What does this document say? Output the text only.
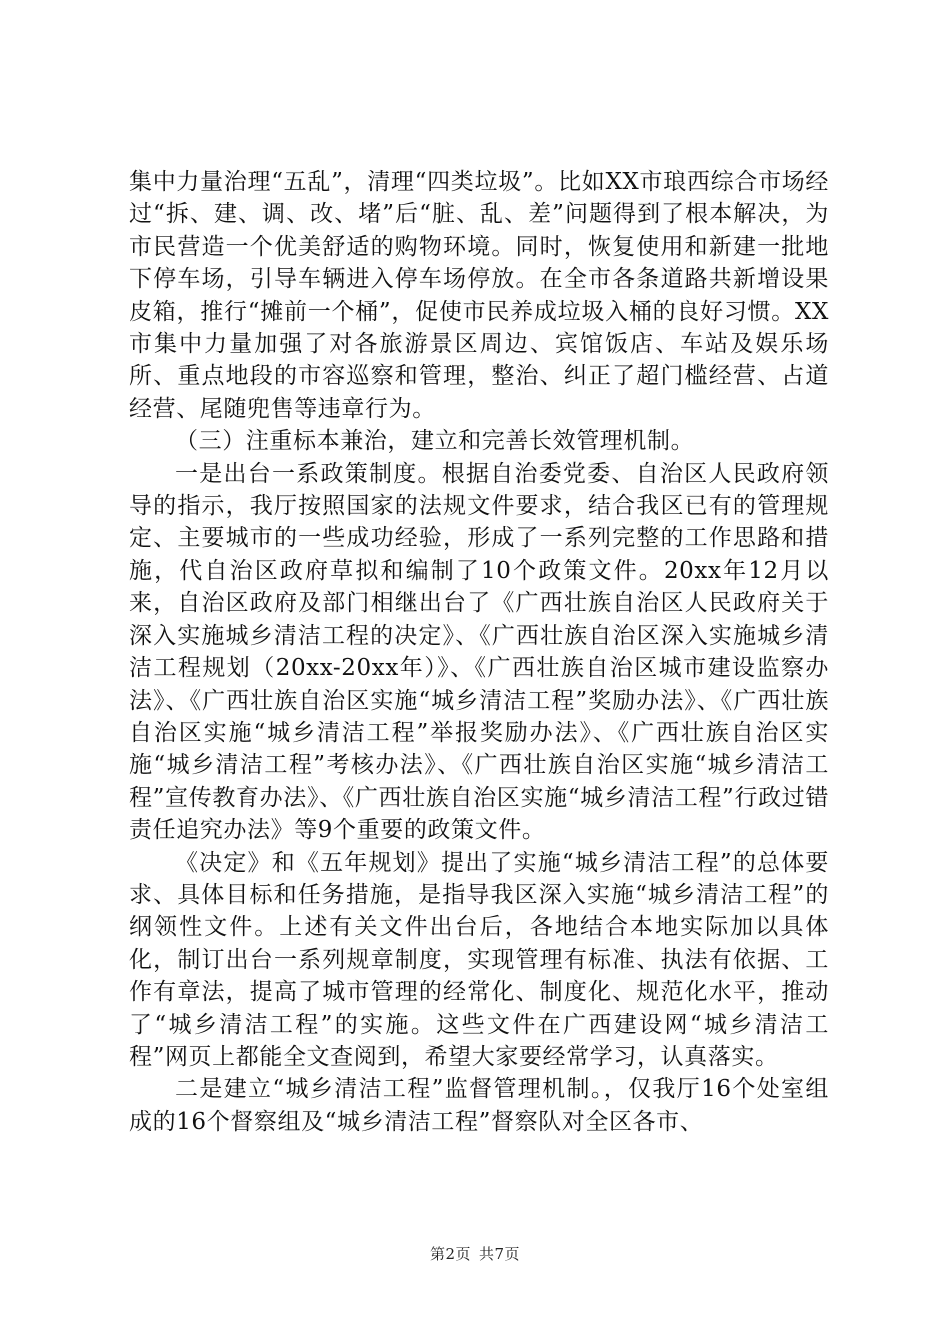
集中力量治理“五乱”，清理“四类垃圾”。比如XX市琅西综合市场经过“拆、建、调、改、堵”后“脏、乱、差”问题得到了根本解决，为市民营造一个优美舒适的购物环境。同时，恢复使用和新建一批地下停车场，引导车辆进入停车场停放。在全市各条道路共新增设果皮箱，推行“摊前一个桶”，促使市民养成垃圾入桶的良好习惯。XX市集中力量加强了对各旅游景区周边、宾馆饭店、车站及娱乐场所、重点地段的市容巡察和管理，整治、纠正了超门槛经营、占道经营、尾随兜售等违章行为。

（三）注重标本兼治，建立和完善长效管理机制。

一是出台一系政策制度。根据自治委党委、自治区人民政府领导的指示，我厅按照国家的法规文件要求，结合我区已有的管理规定、主要城市的一些成功经验，形成了一系列完整的工作思路和措施，代自治区政府草拟和编制了10个政策文件。20xx年12月以来，自治区政府及部门相继出台了《广西壮族自治区人民政府关于深入实施城乡清洁工程的决定》、《广西壮族自治区深入实施城乡清洁工程规划（20xx-20xx年）》、《广西壮族自治区城市建设监察办法》、《广西壮族自治区实施“城乡清洁工程”奖励办法》、《广西壮族自治区实施“城乡清洁工程”举报奖励办法》、《广西壮族自治区实施“城乡清洁工程”考核办法》、《广西壮族自治区实施“城乡清洁工程”宣传教育办法》、《广西壮族自治区实施“城乡清洁工程”行政过错责任追究办法》等9个重要的政策文件。

《决定》和《五年规划》提出了实施“城乡清洁工程”的总体要求、具体目标和任务措施，是指导我区深入实施“城乡清洁工程”的纲领性文件。上述有关文件出台后，各地结合本地实际加以具体化，制订出台一系列规章制度，实现管理有标准、执法有依据、工作有章法，提高了城市管理的经常化、制度化、规范化水平，推动了“城乡清洁工程”的实施。这些文件在广西建设网“城乡清洁工程”网页上都能全文查阅到，希望大家要经常学习，认真落实。

二是建立“城乡清洁工程”监督管理机制。，仅我厅16个处室组成的16个督察组及“城乡清洁工程”督察队对全区各市、

第2页 共7页
